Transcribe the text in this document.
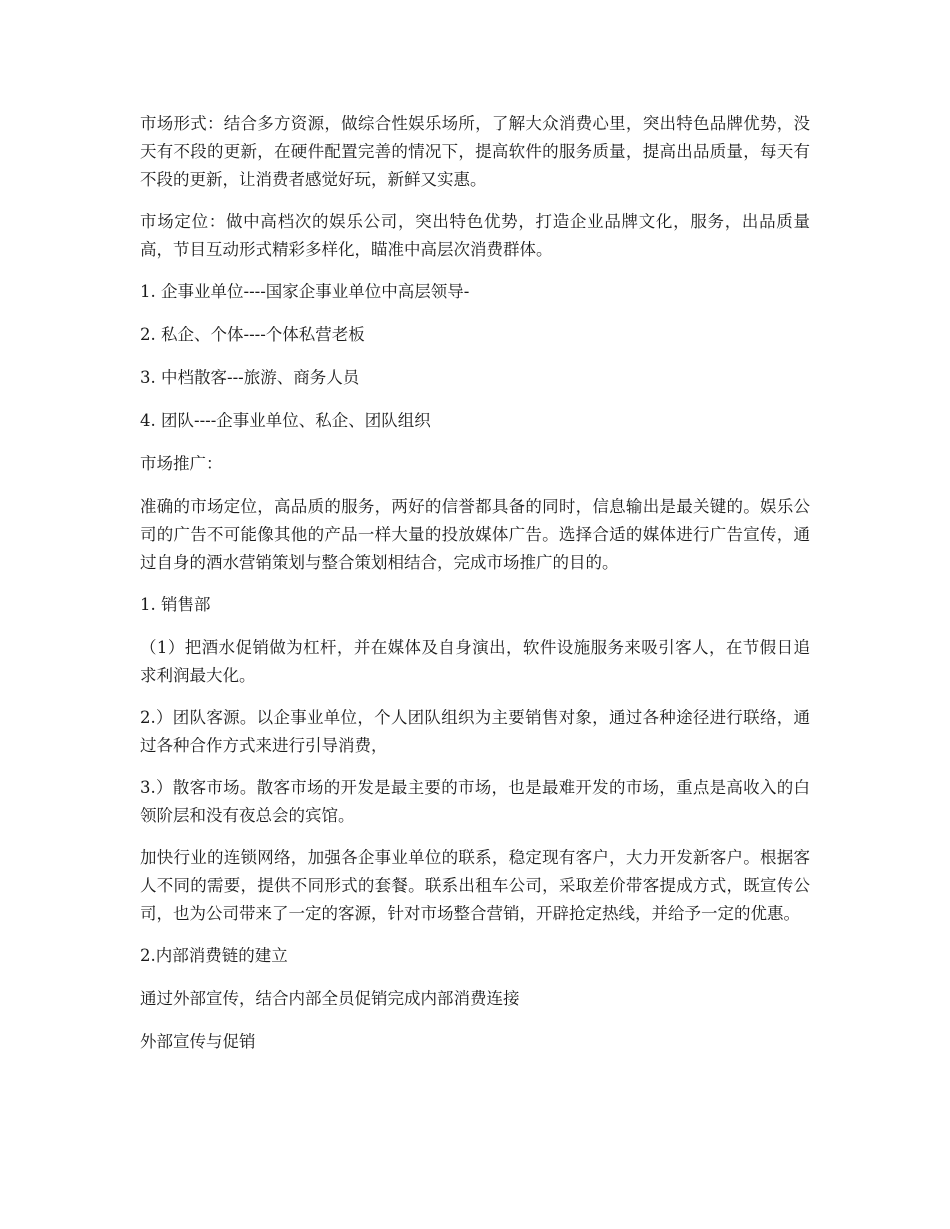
市场形式：结合多方资源，做综合性娱乐场所，了解大众消费心里，突出特色品牌优势，没天有不段的更新，在硬件配置完善的情况下，提高软件的服务质量，提高出品质量，每天有不段的更新，让消费者感觉好玩，新鲜又实惠。

市场定位：做中高档次的娱乐公司，突出特色优势，打造企业品牌文化，服务，出品质量高，节目互动形式精彩多样化，瞄准中高层次消费群体。

1. 企事业单位----国家企事业单位中高层领导-

2. 私企、个体----个体私营老板

3. 中档散客---旅游、商务人员

4. 团队----企事业单位、私企、团队组织

市场推广：

准确的市场定位，高品质的服务，两好的信誉都具备的同时，信息输出是最关键的。娱乐公司的广告不可能像其他的产品一样大量的投放媒体广告。选择合适的媒体进行广告宣传，通过自身的酒水营销策划与整合策划相结合，完成市场推广的目的。

1. 销售部

（1）把酒水促销做为杠杆，并在媒体及自身演出，软件设施服务来吸引客人，在节假日追求利润最大化。

2.）团队客源。以企事业单位，个人团队组织为主要销售对象，通过各种途径进行联络，通过各种合作方式来进行引导消费，

3.）散客市场。散客市场的开发是最主要的市场，也是最难开发的市场，重点是高收入的白领阶层和没有夜总会的宾馆。

加快行业的连锁网络，加强各企事业单位的联系，稳定现有客户，大力开发新客户。根据客人不同的需要，提供不同形式的套餐。联系出租车公司，采取差价带客提成方式，既宣传公司，也为公司带来了一定的客源，针对市场整合营销，开辟抢定热线，并给予一定的优惠。

2.内部消费链的建立

通过外部宣传，结合内部全员促销完成内部消费连接

外部宣传与促销
